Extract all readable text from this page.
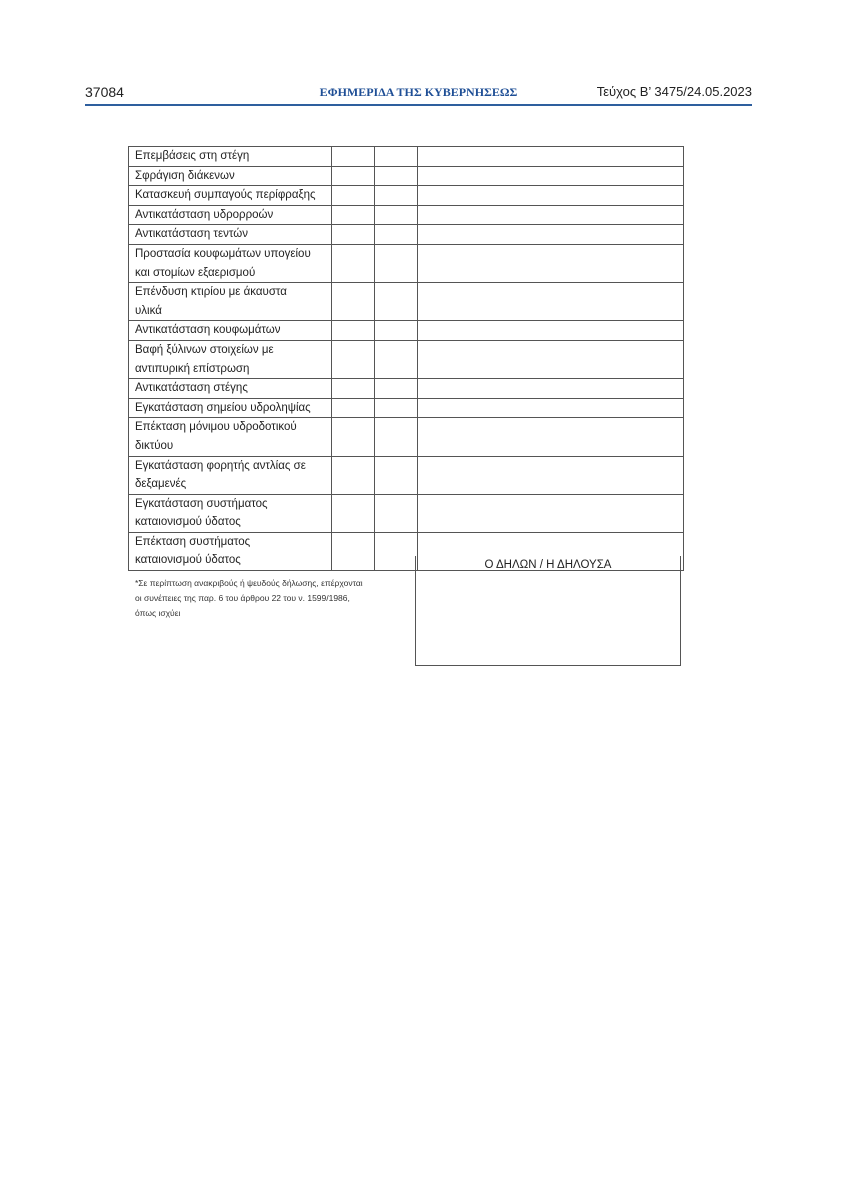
37084	ΕΦΗΜΕΡΙΔΑ ΤΗΣ ΚΥΒΕΡΝΗΣΕΩΣ	Τεύχος Β’ 3475/24.05.2023
Επεμβάσεις στη στέγη			

Σφράγιση διάκενων			

Κατασκευή συμπαγούς περίφραξης			

Αντικατάσταση υδρορροών			

Αντικατάσταση τεντών			

Προστασία κουφωμάτων υπογείου
και στομίων εξαερισμού			

Επένδυση κτιρίου με άκαυστα
υλικά			

Αντικατάσταση κουφωμάτων			

Βαφή ξύλινων στοιχείων με
αντιπυρική επίστρωση			

Αντικατάσταση στέγης			

Εγκατάσταση σημείου υδροληψίας			

Επέκταση μόνιμου υδροδοτικού
δικτύου			

Εγκατάσταση φορητής αντλίας σε
δεξαμενές			

Εγκατάσταση συστήματος
καταιονισμού ύδατος			

Επέκταση συστήματος
καταιονισμού ύδατος			

*Σε περίπτωση ανακριβούς ή ψευδούς δήλωσης, επέρχονται
οι συνέπειες της παρ. 6 του άρθρου 22 του ν. 1599/1986,
όπως ισχύει
Ο ΔΗΛΩΝ / Η ΔΗΛΟΥΣΑ
